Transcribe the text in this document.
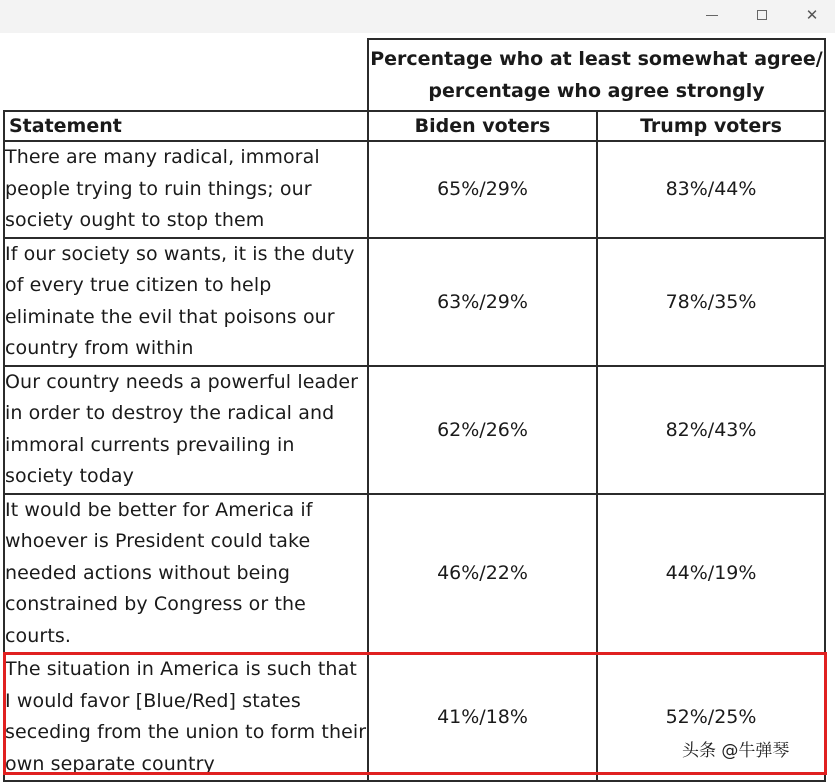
✕
	Percentage who at least somewhat agree/ percentage who agree strongly	
Statement	Biden voters	Trump voters
There are many radical, immoral people trying to ruin things; our society ought to stop them	65%/29%	83%/44%
If our society so wants, it is the duty of every true citizen to help eliminate the evil that poisons our country from within	63%/29%	78%/35%
Our country needs a powerful leader in order to destroy the radical and immoral currents prevailing in society today	62%/26%	82%/43%
It would be better for America if whoever is President could take needed actions without being constrained by Congress or the courts.	46%/22%	44%/19%
The situation in America is such that I would favor [Blue/Red] states seceding from the union to form their own separate country	41%/18%	52%/25%
头条 @牛弹琴
